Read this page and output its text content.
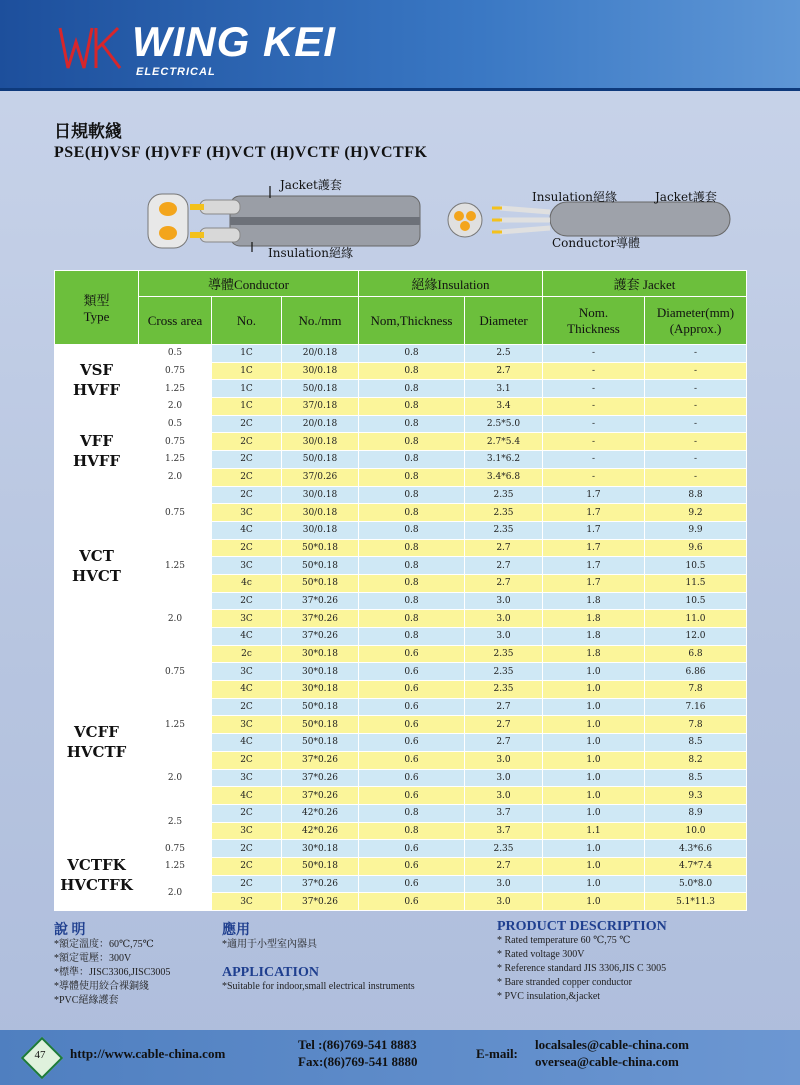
WING KEI
ELECTRICAL
日規軟綫
PSE(H)VSF (H)VFF (H)VCT (H)VCTF (H)VCTFK
Jacket護套
Insulation絕緣
Insulation絕緣	Jacket護套
Conductor導體
類型
Type	導體Conductor			絕緣Insulation		護套 Jacket	
	Cross area	No.	No./mm	Nom,Thickness	Diameter	Nom.
Thickness	Diameter(mm)
(Approx.)

VSF
HVFF	0.5	1C	20/0.18	0.8	2.5	-	-
	0.75	1C	30/0.18	0.8	2.7	-	-
	1.25	1C	50/0.18	0.8	3.1	-	-
	2.0	1C	37/0.18	0.8	3.4	-	-

VFF
HVFF	0.5	2C	20/0.18	0.8	2.5*5.0	-	-
	0.75	2C	30/0.18	0.8	2.7*5.4	-	-
	1.25	2C	50/0.18	0.8	3.1*6.2	-	-
	2.0	2C	37/0.26	0.8	3.4*6.8	-	-

VCT
HVCT	0.75	2C	30/0.18	0.8	2.35	1.7	8.8
		3C	30/0.18	0.8	2.35	1.7	9.2
		4C	30/0.18	0.8	2.35	1.7	9.9
	1.25	2C	50*0.18	0.8	2.7	1.7	9.6
		3C	50*0.18	0.8	2.7	1.7	10.5
		4c	50*0.18	0.8	2.7	1.7	11.5
	2.0	2C	37*0.26	0.8	3.0	1.8	10.5
		3C	37*0.26	0.8	3.0	1.8	11.0
		4C	37*0.26	0.8	3.0	1.8	12.0

VCFF
HVCTF	0.75	2c	30*0.18	0.6	2.35	1.8	6.8
		3C	30*0.18	0.6	2.35	1.0	6.86
		4C	30*0.18	0.6	2.35	1.0	7.8
	1.25	2C	50*0.18	0.6	2.7	1.0	7.16
		3C	50*0.18	0.6	2.7	1.0	7.8
		4C	50*0.18	0.6	2.7	1.0	8.5
	2.0	2C	37*0.26	0.6	3.0	1.0	8.2
		3C	37*0.26	0.6	3.0	1.0	8.5
		4C	37*0.26	0.6	3.0	1.0	9.3
	2.5	2C	42*0.26	0.8	3.7	1.0	8.9
		3C	42*0.26	0.8	3.7	1.1	10.0

VCTFK
HVCTFK	0.75	2C	30*0.18	0.6	2.35	1.0	4.3*6.6
	1.25	2C	50*0.18	0.6	2.7	1.0	4.7*7.4
	2.0	2C	37*0.26	0.6	3.0	1.0	5.0*8.0
		3C	37*0.26	0.6	3.0	1.0	5.1*11.3
說 明
*額定溫度：60℃,75℃
*額定電壓：300V
*標準：JISC3306,JISC3005
*導體使用絞合裸銅綫
*PVC絕緣護套
應用
*適用于小型室內器具
APPLICATION
*Suitable for indoor,small electrical instruments
PRODUCT DESCRIPTION
* Rated temperature 60 ℃,75 ℃
* Rated voltage 300V
* Reference standard JIS 3306,JIS C 3005
* Bare stranded copper conductor
* PVC insulation,&jacket
47	http://www.cable-china.com
Tel :(86)769-541 8883
Fax:(86)769-541 8880
E-mail:
localsales@cable-china.com
oversea@cable-china.com
